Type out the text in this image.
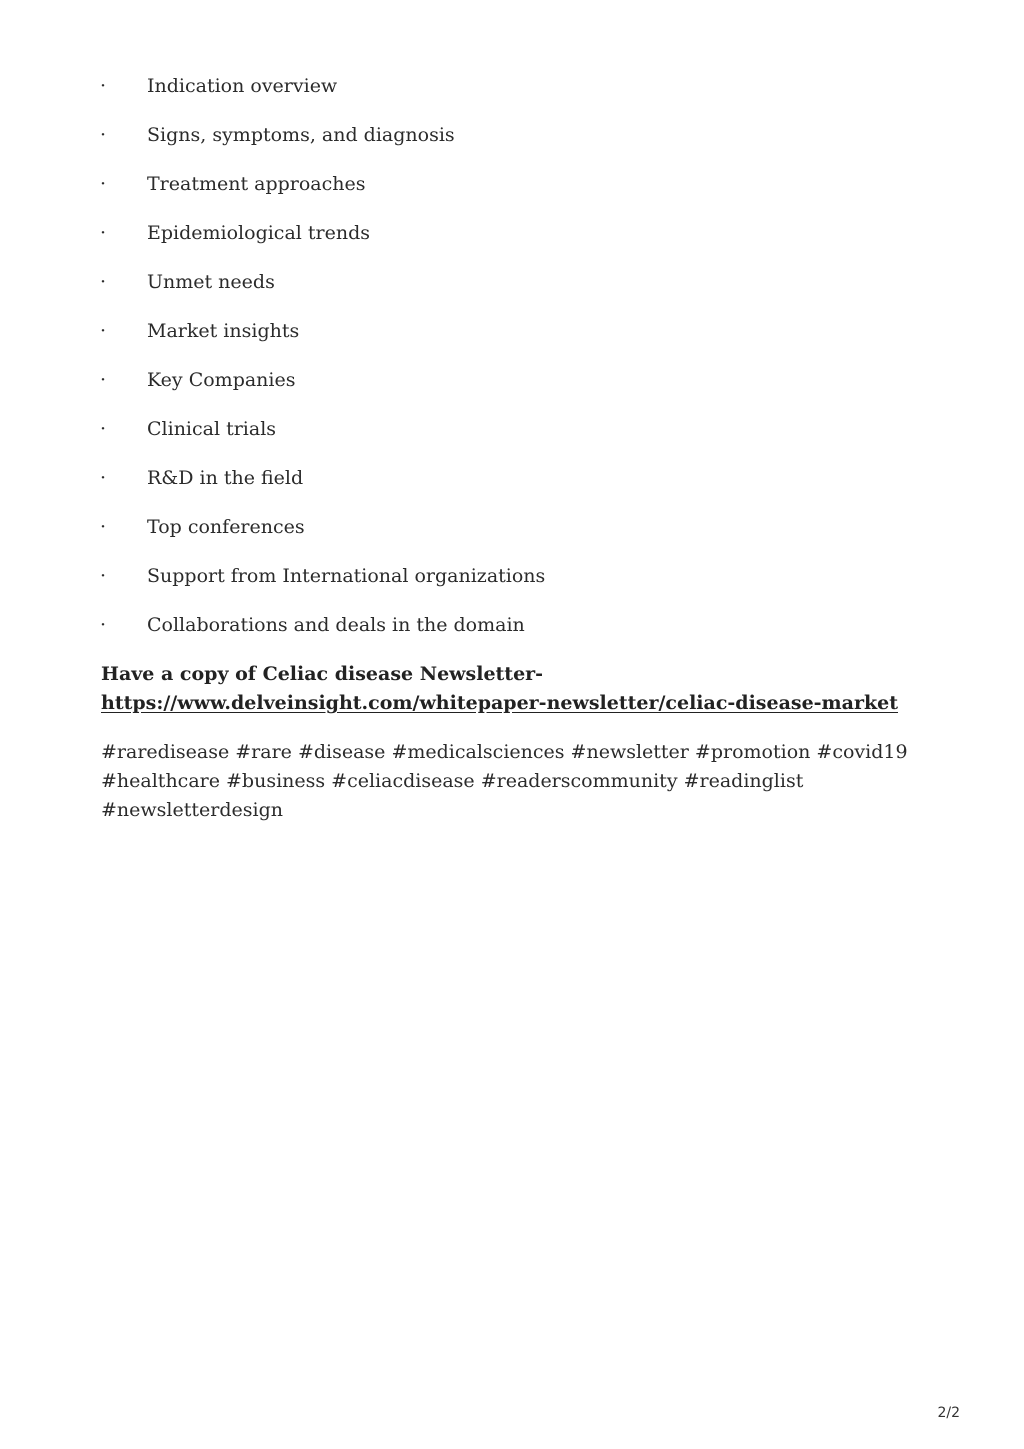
· Indication overview
· Signs, symptoms, and diagnosis
· Treatment approaches
· Epidemiological trends
· Unmet needs
· Market insights
· Key Companies
· Clinical trials
· R&D in the field
· Top conferences
· Support from International organizations
· Collaborations and deals in the domain
Have a copy of Celiac disease Newsletter-
https://www.delveinsight.com/whitepaper-newsletter/celiac-disease-market
#raredisease #rare #disease #medicalsciences #newsletter #promotion #covid19
#healthcare #business #celiacdisease #readerscommunity #readinglist #newsletterdesign
2/2
